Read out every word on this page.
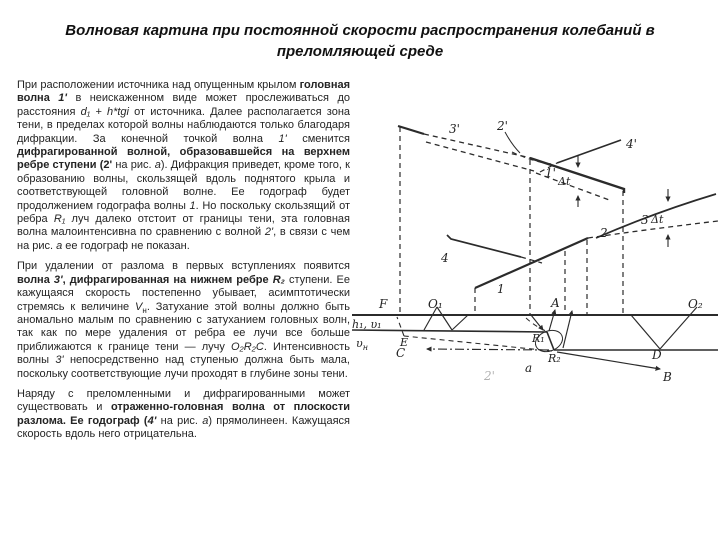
Волновая картина при постоянной скорости распространения колебаний в преломляющей среде

При расположении источника над опущенным крылом головная волна 1' в неискаженном виде может прослеживаться до расстояния d₁ + h*tgi от источника. Далее располагается зона тени, в пределах которой волны наблюдаются только благодаря дифракции. За конечной точкой волна 1' сменится дифрагированной волной, образовавшейся на верхнем ребре ступени (2' на рис. а). Дифракция приведет, кроме того, к образованию волны, скользящей вдоль поднятого крыла и соответствующей головной волне. Ее годограф будет продолжением годографа волны 1. Но поскольку скользящий от ребра R₁ луч далеко отстоит от границы тени, эта головная волна малоинтенсивна по сравнению с волной 2', в связи с чем на рис. а ее годограф не показан.

При удалении от разлома в первых вступлениях появится волна 3', дифрагированная на нижнем ребре R₂ ступени. Ее кажущаяся скорость постепенно убывает, асимптотически стремясь к величине $V_н$. Затухание этой волны должно быть аномально малым по сравнению с затуханием головных волн, так как по мере удаления от ребра ее лучи все больше приближаются к границе тени — лучу O₂R₂C. Интенсивность волны 3' непосредственно над ступенью должна быть мала, поскольку соответствующие лучи проходят в глубине зоны тени.

Наряду с преломленными и дифрагированными может существовать и отраженно-головная волна от плоскости разлома. Ее годограф (4' на рис. а) прямолинеен. Кажущаяся скорость вдоль него отрицательна.

3'	2'
4'
1'
Δt
3 Δt
2
4
1
F	O₁	A	O₂
h₁, υ₁
$\upsilon_н$	E
C
R₁
R₂	D
B
а
2'
